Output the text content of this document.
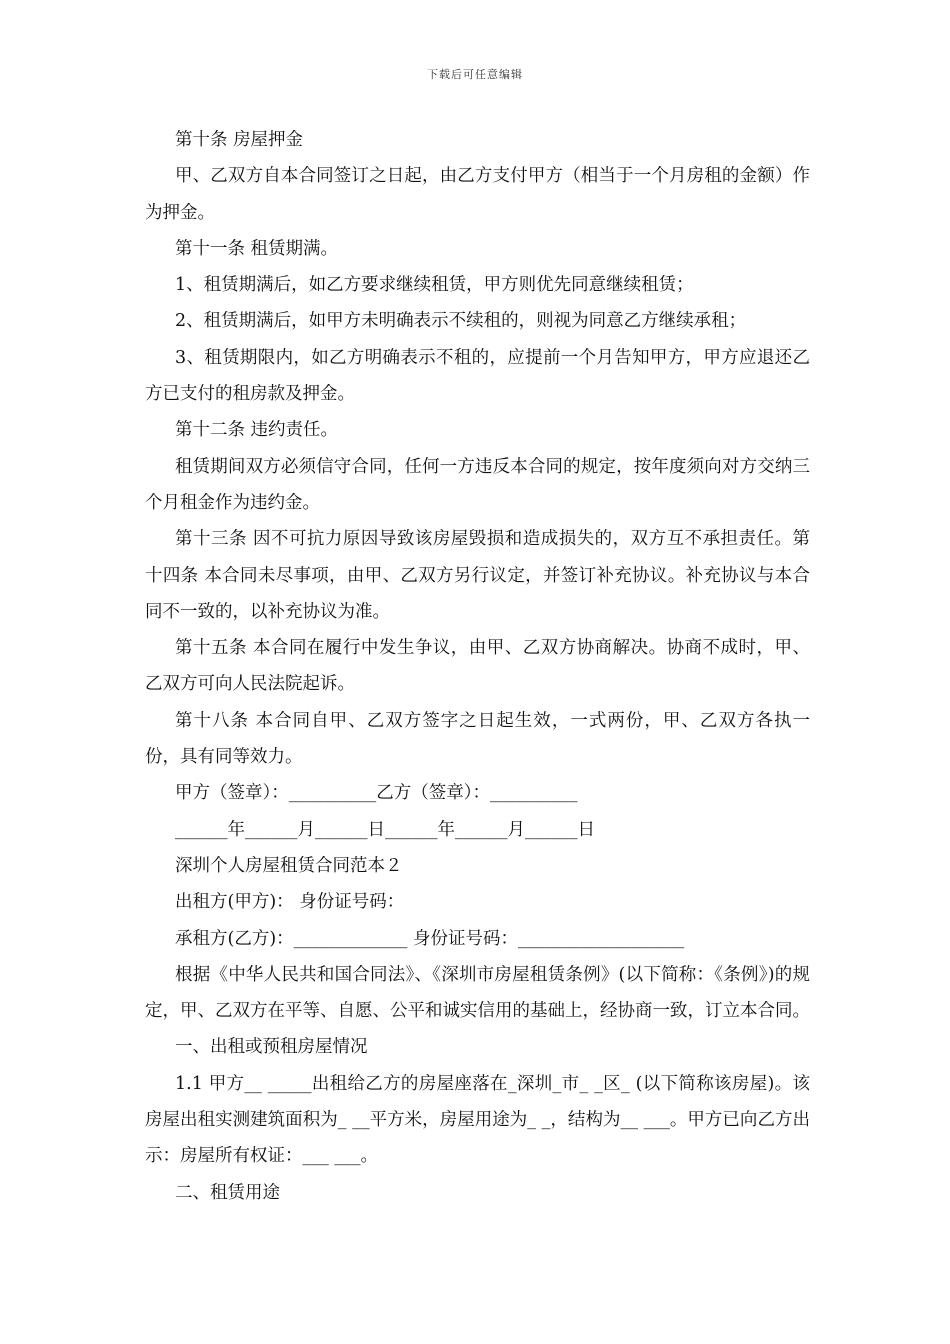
下载后可任意编辑

第十条 房屋押金

甲、乙双方自本合同签订之日起，由乙方支付甲方（相当于一个月房租的金额）作为押金。

第十一条 租赁期满。

1、租赁期满后，如乙方要求继续租赁，甲方则优先同意继续租赁；

2、租赁期满后，如甲方未明确表示不续租的，则视为同意乙方继续承租；

3、租赁期限内，如乙方明确表示不租的，应提前一个月告知甲方，甲方应退还乙方已支付的租房款及押金。

第十二条 违约责任。

租赁期间双方必须信守合同，任何一方违反本合同的规定，按年度须向对方交纳三个月租金作为违约金。

第十三条 因不可抗力原因导致该房屋毁损和造成损失的，双方互不承担责任。第十四条 本合同未尽事项，由甲、乙双方另行议定，并签订补充协议。补充协议与本合同不一致的，以补充协议为准。

第十五条 本合同在履行中发生争议，由甲、乙双方协商解决。协商不成时，甲、乙双方可向人民法院起诉。

第十八条 本合同自甲、乙双方签字之日起生效，一式两份，甲、乙双方各执一份，具有同等效力。

甲方（签章）：__________乙方（签章）：__________

______年______月______日______年______月______日

深圳个人房屋租赁合同范本２

出租方(甲方)： 身份证号码：

承租方(乙方)：_____________ 身份证号码：___________________

根据《中华人民共和国合同法》、《深圳市房屋租赁条例》(以下简称：《条例》)的规定，甲、乙双方在平等、自愿、公平和诚实信用的基础上，经协商一致，订立本合同。

一、出租或预租房屋情况

1.1 甲方__ _____出租给乙方的房屋座落在_深圳_市_ _区_ (以下简称该房屋)。该房屋出租实测建筑面积为_ __平方米，房屋用途为_ _，结构为__ ___。甲方已向乙方出示：房屋所有权证：___ ___。

二、租赁用途
